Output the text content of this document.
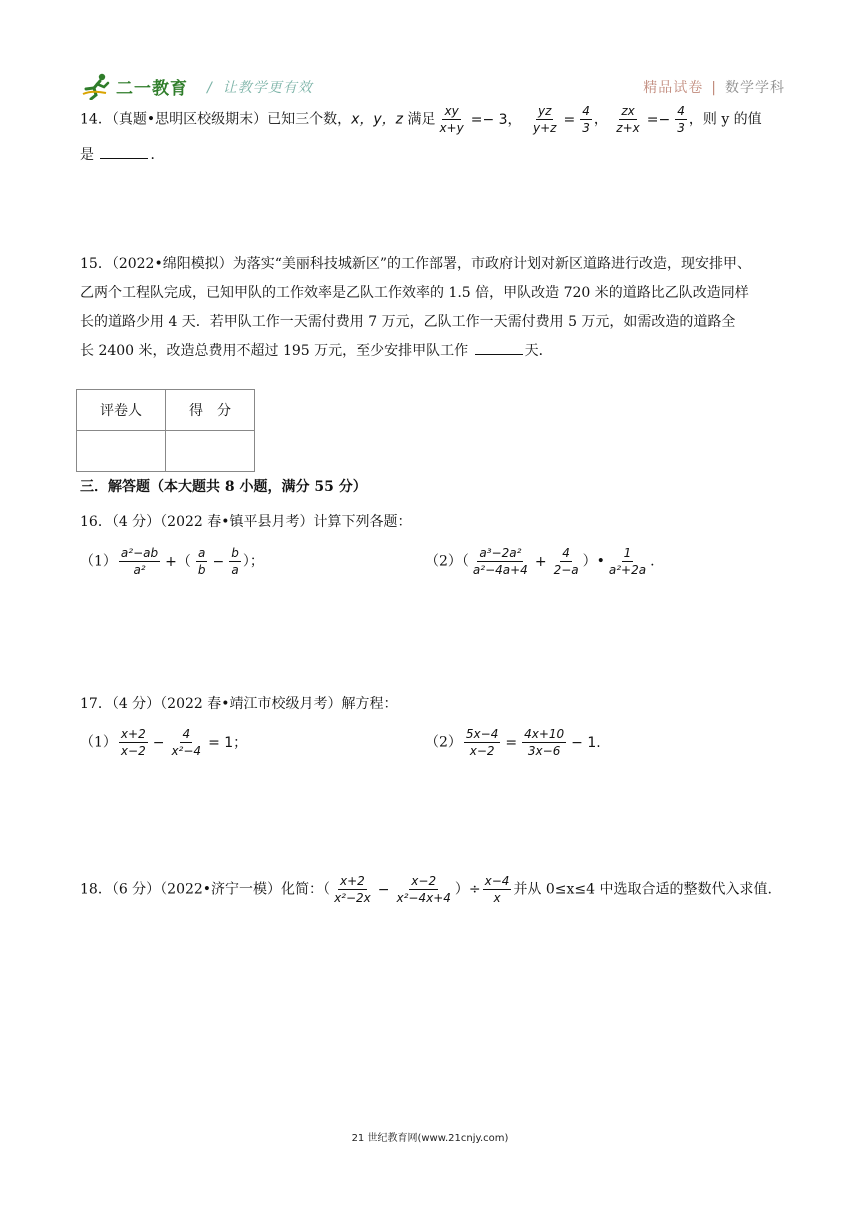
二一教育 / 让教学更有效	精品试卷 | 数学学科
14．（真题•思明区校级期末）已知三个数，x，y，z 满足 $\frac{xy}{x+y} =- 3$， $\frac{yz}{y+z} = \frac{4}{3}$ ， $\frac{zx}{z+x} =- \frac{4}{3}$ ，则 y 的值
是	．
15．（2022•绵阳模拟）为落实“美丽科技城新区”的工作部署，市政府计划对新区道路进行改造，现安排甲、
乙两个工程队完成，已知甲队的工作效率是乙队工作效率的 1.5 倍，甲队改造 720 米的道路比乙队改造同样
长的道路少用 4 天．若甲队工作一天需付费用 7 万元，乙队工作一天需付费用 5 万元，如需改造的道路全
长 2400 米，改造总费用不超过 195 万元，至少安排甲队工作	天．
评卷人	得　分

三．解答题（本大题共 8 小题，满分 55 分）
16．（4 分）（2022 春•镇平县月考）计算下列各题：
$(1) \frac{\text{a²−ab}}{\text{a²}}$ +（ $\frac{a}{b} - \frac{b}{a}$ ）；	$(2)( \frac{\text{a³−2a²}}{\text{a²−4a+4}} + \frac{4}{2-a}$ ）• $\frac{1}{\text{a²+2a}}$ .
17．（4 分）（2022 春•靖江市校级月考）解方程：
$(1) \frac{x+2}{x-2} - \frac{4}{\text{x²−4}} = 1$；	$(2) \frac{5x-4}{x-2} = \frac{4x+10}{3x-6} - 1$.
18．（6 分）（2022•济宁一模）化简：（ $\frac{x+2}{\text{x²−2x}} - \frac{x-2}{\text{x²−4x+4}}$ ）÷ $\frac{x-4}{x}$ 并从 0≤x≤4 中选取合适的整数代入求值.
21 世纪教育网(www.21cnjy.com)
